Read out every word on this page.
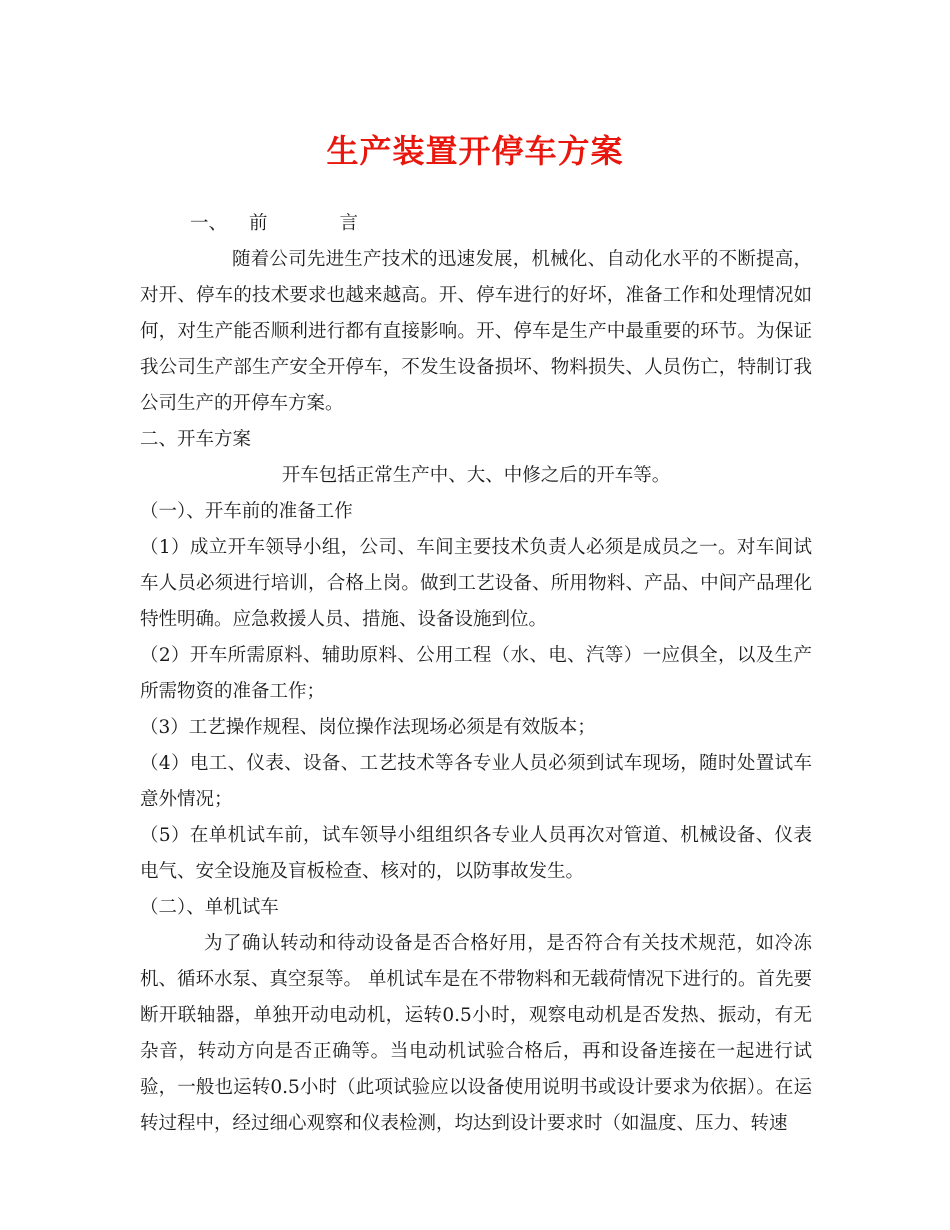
生产装置开停车方案

一、 前	言

随着公司先进生产技术的迅速发展，机械化、自动化水平的不断提高，对开、停车的技术要求也越来越高。开、停车进行的好坏，准备工作和处理情况如何，对生产能否顺利进行都有直接影响。开、停车是生产中最重要的环节。为保证我公司生产部生产安全开停车，不发生设备损坏、物料损失、人员伤亡，特制订我公司生产的开停车方案。

二、开车方案

开车包括正常生产中、大、中修之后的开车等。

（一）、开车前的准备工作

（1）成立开车领导小组，公司、车间主要技术负责人必须是成员之一。对车间试车人员必须进行培训，合格上岗。做到工艺设备、所用物料、产品、中间产品理化特性明确。应急救援人员、措施、设备设施到位。

（2）开车所需原料、辅助原料、公用工程（水、电、汽等）一应俱全，以及生产所需物资的准备工作；

（3）工艺操作规程、岗位操作法现场必须是有效版本；

（4）电工、仪表、设备、工艺技术等各专业人员必须到试车现场，随时处置试车意外情况；

（5）在单机试车前，试车领导小组组织各专业人员再次对管道、机械设备、仪表电气、安全设施及盲板检查、核对的，以防事故发生。

（二）、单机试车

为了确认转动和待动设备是否合格好用，是否符合有关技术规范，如冷冻机、循环水泵、真空泵等。 单机试车是在不带物料和无载荷情况下进行的。首先要断开联轴器，单独开动电动机，运转0.5小时，观察电动机是否发热、振动，有无杂音，转动方向是否正确等。当电动机试验合格后，再和设备连接在一起进行试验，一般也运转0.5小时（此项试验应以设备使用说明书或设计要求为依据）。在运转过程中，经过细心观察和仪表检测，均达到设计要求时（如温度、压力、转速
